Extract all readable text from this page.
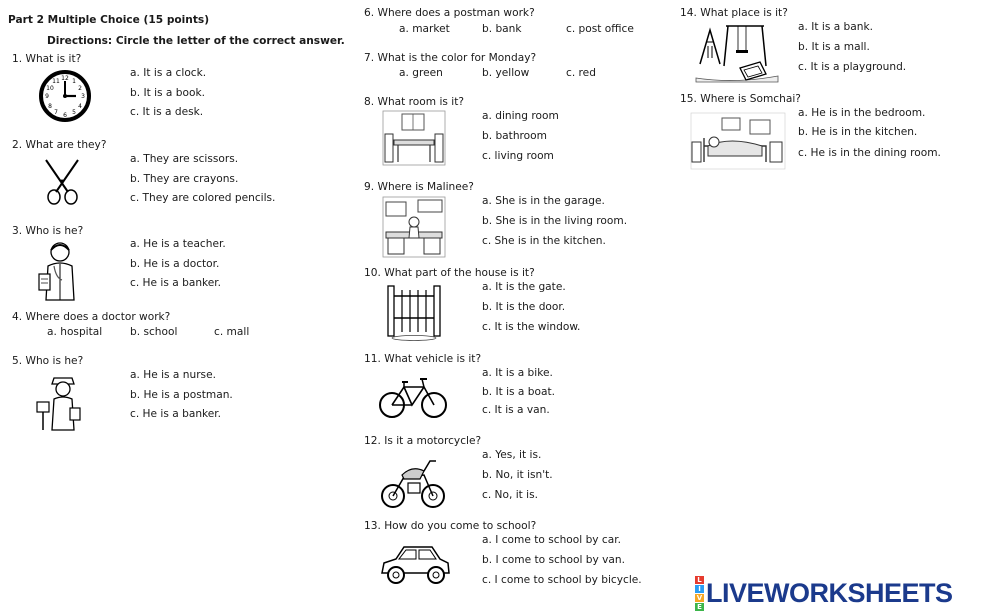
Part 2 Multiple Choice (15 points)
Directions: Circle the letter of the correct answer.
1. What is it?
a. It is a clock.
b. It is a book.
c. It is a desk.
12
6
3
9
1
2
4
5
7
8
10
11
2. What are they?
a. They are scissors.
b. They are crayons.
c. They are colored pencils.
3. Who is he?
a. He is a teacher.
b. He is a doctor.
c. He is a banker.
4. Where does a doctor work?
a. hospital	b. school	c. mall
5. Who is he?
a. He is a nurse.
b. He is a postman.
c. He is a banker.
6. Where does a postman work?
a. market	b. bank	c. post office
7. What is the color for Monday?
a. green	b. yellow	c. red
8. What room is it?
a. dining room
b. bathroom
c. living room
9. Where is Malinee?
a. She is in the garage.
b. She is in the living room.
c. She is in the kitchen.
10. What part of the house is it?
a. It is the gate.
b. It is the door.
c. It is the window.
11. What vehicle is it?
a. It is a bike.
b. It is a boat.
c. It is a van.
12. Is it a motorcycle?
a. Yes, it is.
b. No, it isn't.
c. No, it is.
13. How do you come to school?
a. I come to school by car.
b. I come to school by van.
c. I come to school by bicycle.
14. What place is it?
a. It is a bank.
b. It is a mall.
c. It is a playground.
15. Where is Somchai?
a. He is in the bedroom.
b. He is in the kitchen.
c. He is in the dining room.
L
I
V
E LIVEWORKSHEETS
